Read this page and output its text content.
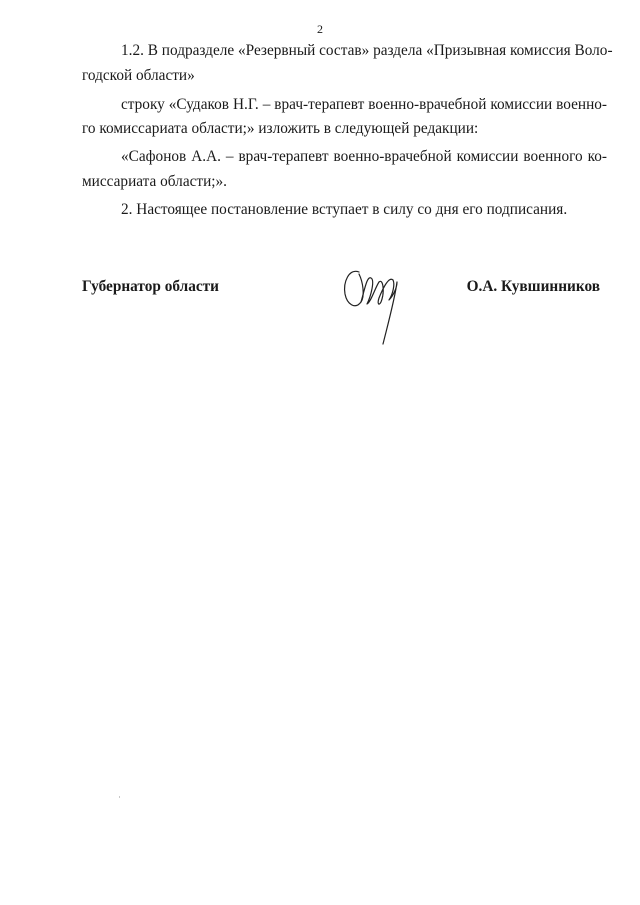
2
1.2. В подразделе «Резервный состав» раздела «Призывная комиссия Воло-
годской области»
строку «Судаков Н.Г. – врач-терапевт военно-врачебной комиссии военно-
го комиссариата области;» изложить в следующей редакции:
«Сафонов А.А. – врач-терапевт военно-врачебной комиссии военного ко-
миссариата области;».
2. Настоящее постановление вступает в силу со дня его подписания.
Губернатор области	О.А. Кувшинников
